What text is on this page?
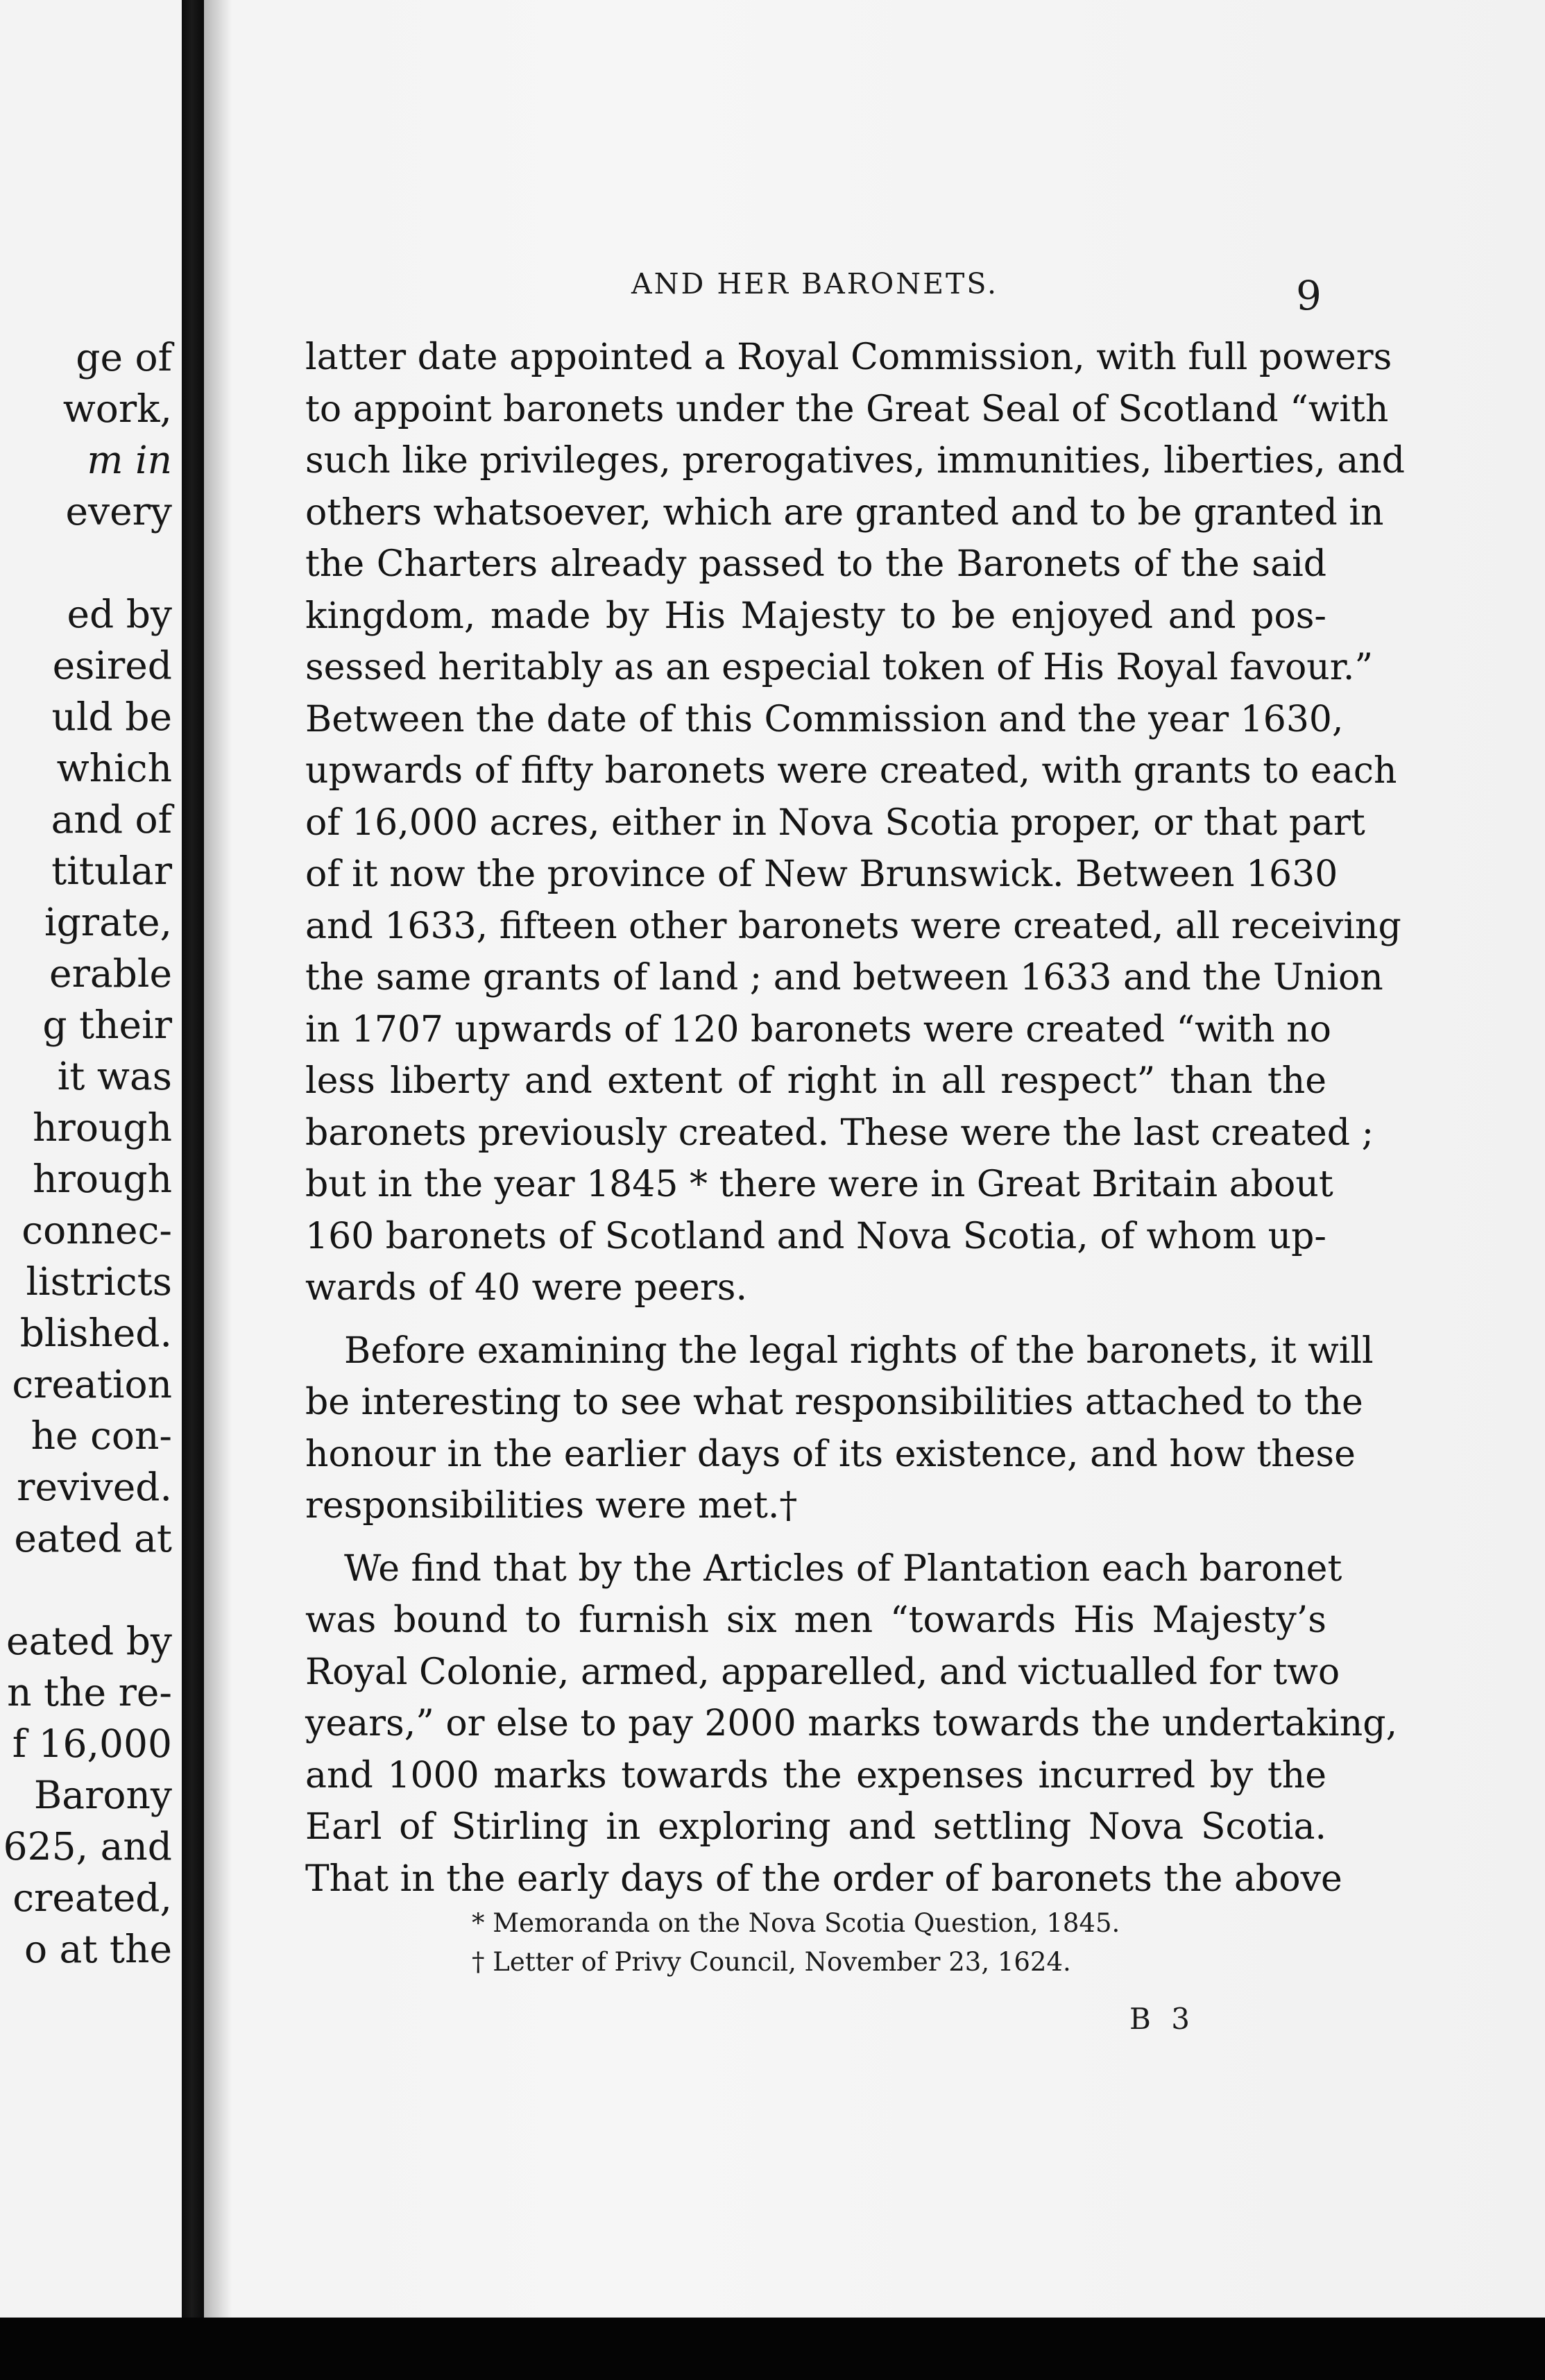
ge of
work,
m in
every
ed by
esired
uld be
which
and of
titular
igrate,
erable
g their
it was
hrough
hrough
connec-
listricts
blished.
creation
he con-
revived.
eated at
eated by
n the re-
f 16,000
Barony
625, and
created,
o at the
AND HER BARONETS.	9
latter date appointed a Royal Commission, with full powers
to appoint baronets under the Great Seal of Scotland “with
such like privileges, prerogatives, immunities, liberties, and
others whatsoever, which are granted and to be granted in
the Charters already passed to the Baronets of the said
kingdom, made by His Majesty to be enjoyed and pos-
sessed heritably as an especial token of His Royal favour.”
Between the date of this Commission and the year 1630,
upwards of fifty baronets were created, with grants to each
of 16,000 acres, either in Nova Scotia proper, or that part
of it now the province of New Brunswick. Between 1630
and 1633, fifteen other baronets were created, all receiving
the same grants of land ; and between 1633 and the Union
in 1707 upwards of 120 baronets were created “with no
less liberty and extent of right in all respect” than the
baronets previously created. These were the last created ;
but in the year 1845 * there were in Great Britain about
160 baronets of Scotland and Nova Scotia, of whom up-
wards of 40 were peers.
Before examining the legal rights of the baronets, it will
be interesting to see what responsibilities attached to the
honour in the earlier days of its existence, and how these
responsibilities were met.†
We find that by the Articles of Plantation each baronet
was bound to furnish six men “towards His Majesty’s
Royal Colonie, armed, apparelled, and victualled for two
years,” or else to pay 2000 marks towards the undertaking,
and 1000 marks towards the expenses incurred by the
Earl of Stirling in exploring and settling Nova Scotia.
That in the early days of the order of baronets the above
* Memoranda on the Nova Scotia Question, 1845.
† Letter of Privy Council, November 23, 1624.
B 3
